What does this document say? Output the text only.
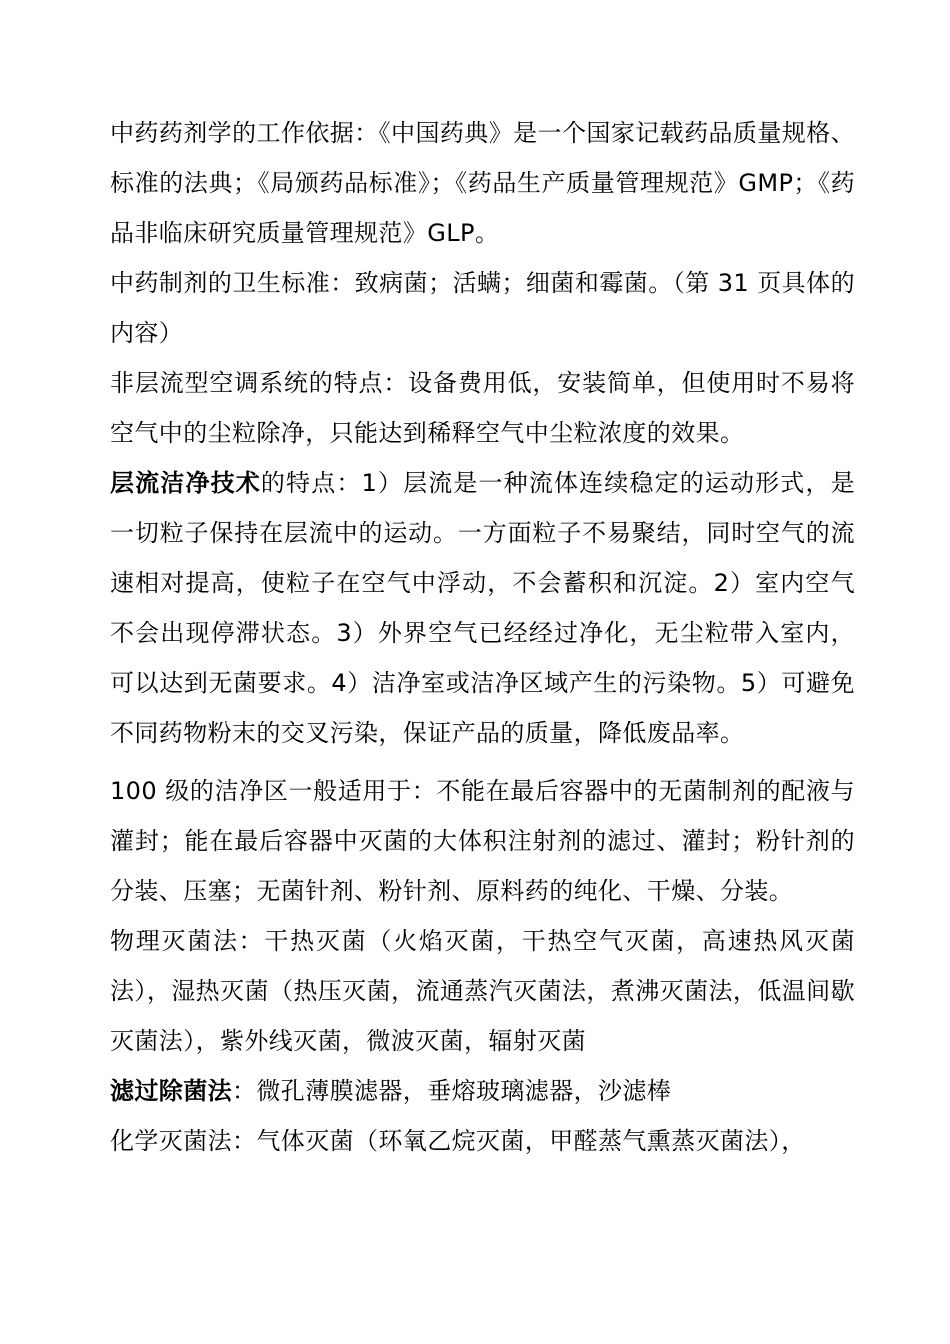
中药药剂学的工作依据：《中国药典》是一个国家记载药品质量规格、标准的法典；《局颁药品标准》；《药品生产质量管理规范》GMP；《药品非临床研究质量管理规范》GLP。

中药制剂的卫生标准：致病菌；活螨；细菌和霉菌。（第 31 页具体的内容）

非层流型空调系统的特点：设备费用低，安装简单，但使用时不易将空气中的尘粒除净，只能达到稀释空气中尘粒浓度的效果。

层流洁净技术的特点：1）层流是一种流体连续稳定的运动形式，是一切粒子保持在层流中的运动。一方面粒子不易聚结，同时空气的流速相对提高，使粒子在空气中浮动，不会蓄积和沉淀。2）室内空气不会出现停滞状态。3）外界空气已经经过净化，无尘粒带入室内，可以达到无菌要求。4）洁净室或洁净区域产生的污染物。5）可避免不同药物粉末的交叉污染，保证产品的质量，降低废品率。

100 级的洁净区一般适用于：不能在最后容器中的无菌制剂的配液与灌封；能在最后容器中灭菌的大体积注射剂的滤过、灌封；粉针剂的分装、压塞；无菌针剂、粉针剂、原料药的纯化、干燥、分装。

物理灭菌法：干热灭菌（火焰灭菌，干热空气灭菌，高速热风灭菌法），湿热灭菌（热压灭菌，流通蒸汽灭菌法，煮沸灭菌法，低温间歇灭菌法），紫外线灭菌，微波灭菌，辐射灭菌

滤过除菌法：微孔薄膜滤器，垂熔玻璃滤器，沙滤棒

化学灭菌法：气体灭菌（环氧乙烷灭菌，甲醛蒸气熏蒸灭菌法），
